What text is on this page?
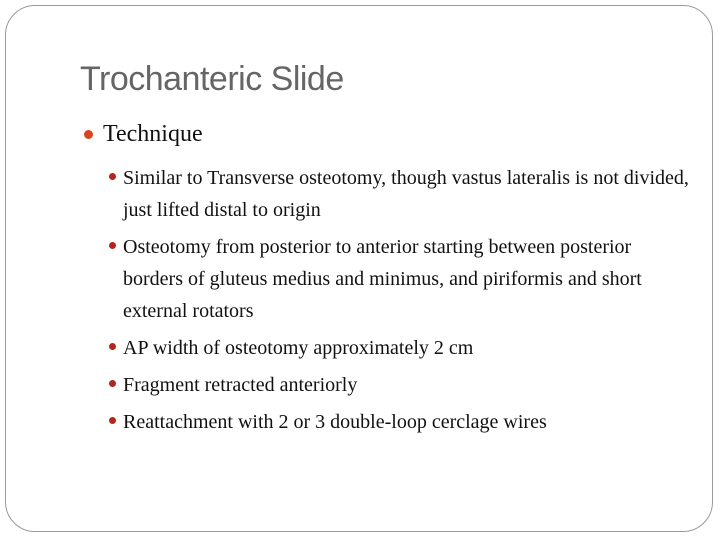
Trochanteric Slide
Technique
Similar to Transverse osteotomy, though vastus lateralis is not divided, just lifted distal to origin
Osteotomy from posterior to anterior starting between posterior borders of gluteus medius and minimus, and piriformis and short external rotators
AP width of osteotomy approximately 2 cm
Fragment retracted anteriorly
Reattachment with 2 or 3 double-loop cerclage wires
